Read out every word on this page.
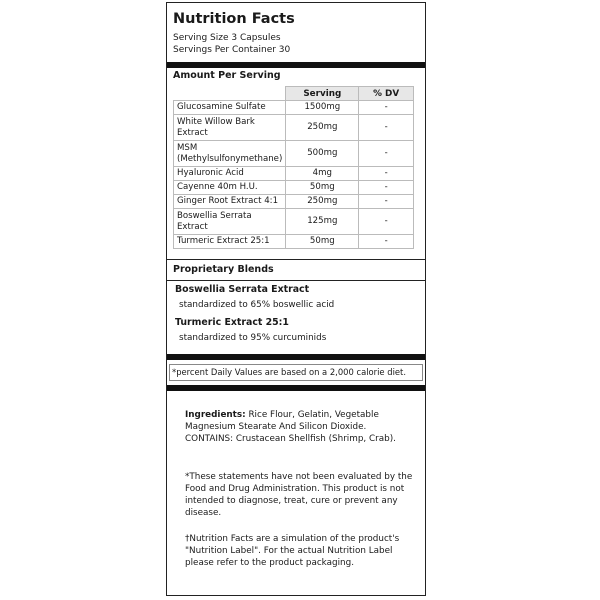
Nutrition Facts
Serving Size 3 Capsules
Servings Per Container 30
Amount Per Serving
	Serving	% DV
Glucosamine Sulfate	1500mg	-
White Willow Bark Extract	250mg	-
MSM (Methylsulfonymethane)	500mg	-
Hyaluronic Acid	4mg	-
Cayenne 40m H.U.	50mg	-
Ginger Root Extract 4:1	250mg	-
Boswellia Serrata Extract	125mg	-
Turmeric Extract 25:1	50mg	-
Proprietary Blends
Boswellia Serrata Extract
standardized to 65% boswellic acid
Turmeric Extract 25:1
standardized to 95% curcuminids
*percent Daily Values are based on a 2,000 calorie diet.
Ingredients: Rice Flour, Gelatin, Vegetable Magnesium Stearate And Silicon Dioxide.
CONTAINS: Crustacean Shellfish (Shrimp, Crab).
*These statements have not been evaluated by the Food and Drug Administration. This product is not intended to diagnose, treat, cure or prevent any disease.
†Nutrition Facts are a simulation of the product's "Nutrition Label". For the actual Nutrition Label please refer to the product packaging.
